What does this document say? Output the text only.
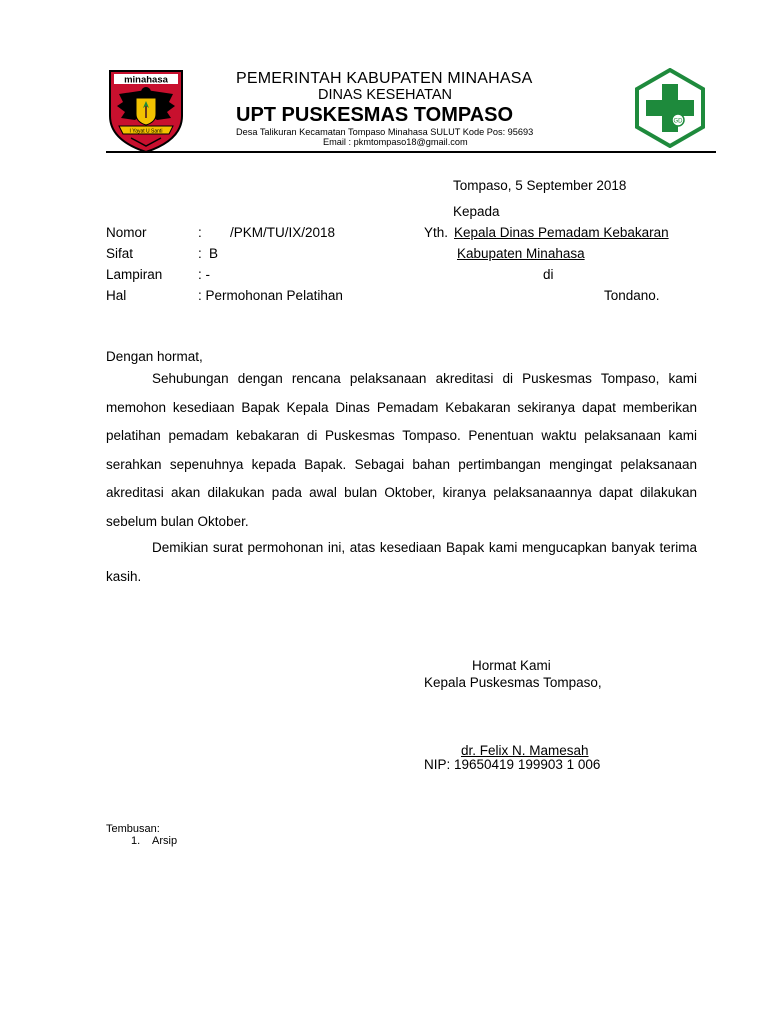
minahasa
I Yayat U Santi
GD
PEMERINTAH KABUPATEN MINAHASA
DINAS KESEHATAN
UPT PUSKESMAS TOMPASO
Desa Talikuran Kecamatan Tompaso Minahasa SULUT Kode Pos: 95693
Email : pkmtompaso18@gmail.com
Tompaso, 5 September 2018
Nomor	: /PKM/TU/IX/2018
Sifat	: B
Lampiran	: -
Hal	: Permohonan Pelatihan
Kepada
Yth. Kepala Dinas Pemadam Kebakaran
Kabupaten Minahasa
di
Tondano.
Dengan hormat,

Sehubungan dengan rencana pelaksanaan akreditasi di Puskesmas Tompaso, kami memohon kesediaan Bapak Kepala Dinas Pemadam Kebakaran sekiranya dapat memberikan pelatihan pemadam kebakaran di Puskesmas Tompaso. Penentuan waktu pelaksanaan kami serahkan sepenuhnya kepada Bapak. Sebagai bahan pertimbangan mengingat pelaksanaan akreditasi akan dilakukan pada awal bulan Oktober, kiranya pelaksanaannya dapat dilakukan sebelum bulan Oktober.

Demikian surat permohonan ini, atas kesediaan Bapak kami mengucapkan banyak terima kasih.

Hormat Kami
Kepala Puskesmas Tompaso,
dr. Felix N. Mamesah
NIP: 19650419 199903 1 006
Tembusan:
1. Arsip
